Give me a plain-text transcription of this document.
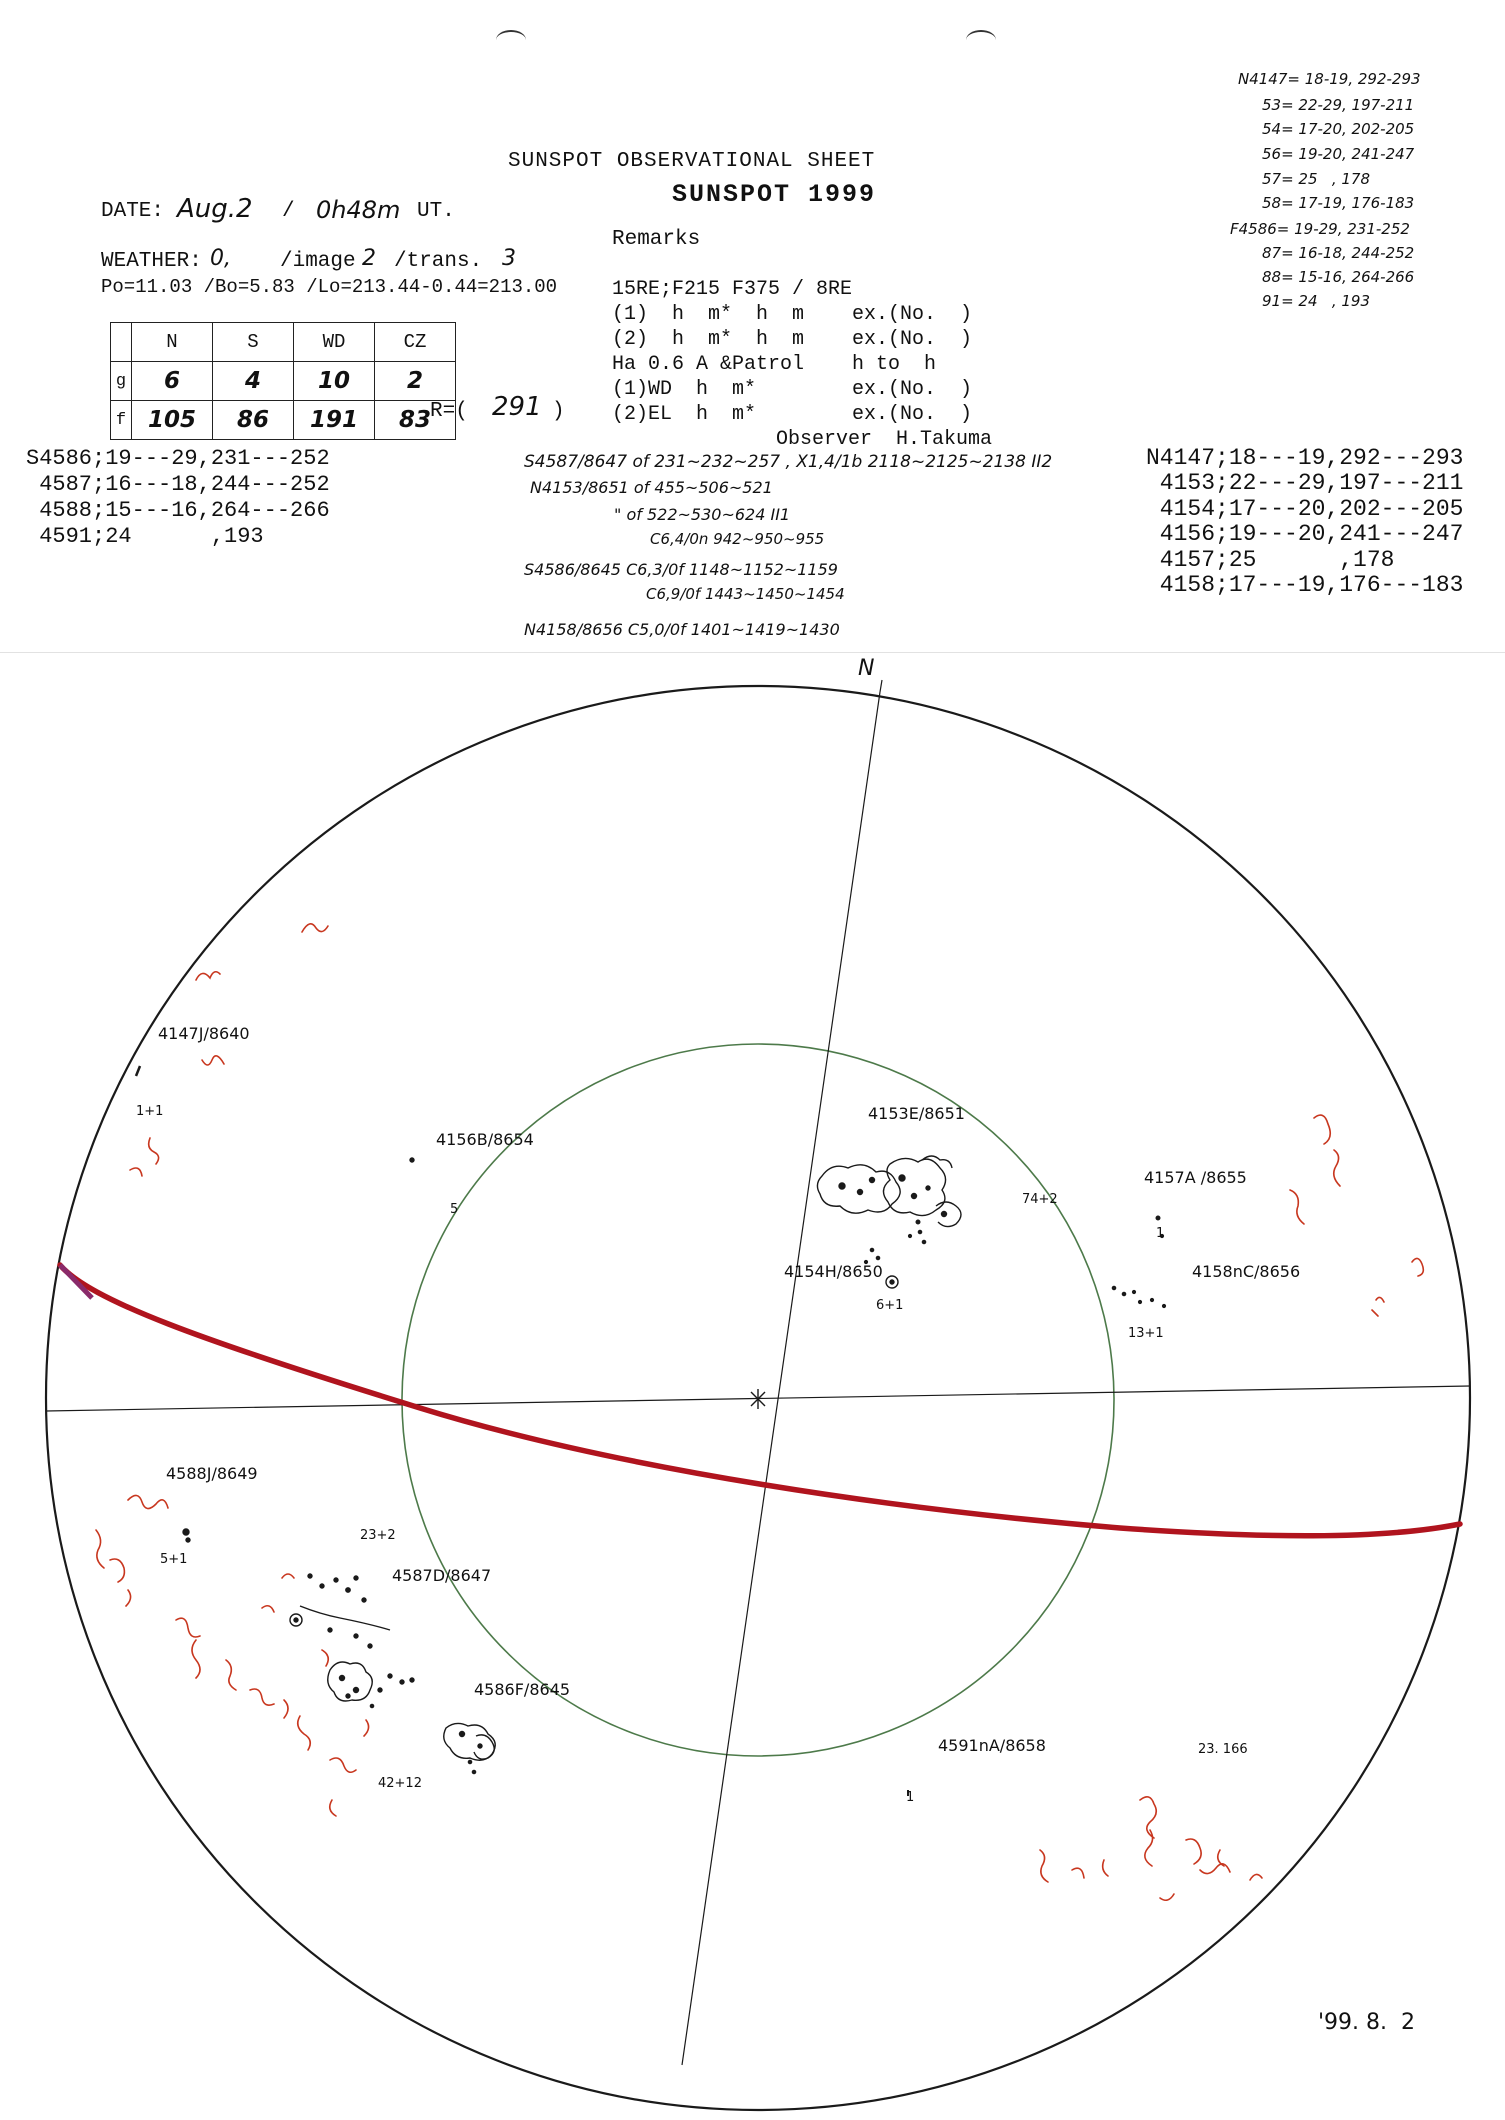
SUNSPOT OBSERVATIONAL SHEET
SUNSPOT 1999
Remarks
DATE: Aug.2 / 0h48m UT.
WEATHER: 0, /image 2 /trans. 3
Po=11.03 /Bo=5.83 /Lo=213.44-0.44=213.00
	N	S	WD	CZ
g	6	4	10	2
f	105	86	191	83 R=( 291 )
15RE;F215 F375 / 8RE
(1)  h  m*  h  m    ex.(No.  )
(2)  h  m*  h  m    ex.(No.  )
Ha 0.6 A &Patrol    h to  h
(1)WD  h  m*        ex.(No.  )
(2)EL  h  m*        ex.(No.  )
Observer  H.Takuma
S4586;19---29,231---252
4587;16---18,244---252
4588;15---16,264---266
4591;24      ,193
N4147;18---19,292---293
4153;22---29,197---211
4154;17---20,202---205
4156;19---20,241---247
4157;25      ,178
4158;17---19,176---183
N4147= 18-19, 292-293
53= 22-29, 197-211
54= 17-20, 202-205
56= 19-20, 241-247
57= 25   , 178
58= 17-19, 176-183
F4586= 19-29, 231-252
87= 16-18, 244-252
88= 15-16, 264-266
91= 24   , 193
S4587/8647 of 231~232~257 , X1,4/1b 2118~2125~2138 II2
N4153/8651 of 455~506~521
" of 522~530~624 II1
C6,4/0n 942~950~955
S4586/8645 C6,3/0f 1148~1152~1159
C6,9/0f 1443~1450~1454
N4158/8656 C5,0/0f 1401~1419~1430
N
4147J/8640
1+1
4156B/8654
5
4153E/8651
74+2
4157A /8655
1
4154H/8650
6+1
4158nC/8656
13+1
4588J/8649
5+1
4587D/8647
23+2
4586F/8645
42+12
4591nA/8658
1
23. 166
'99. 8.  2
